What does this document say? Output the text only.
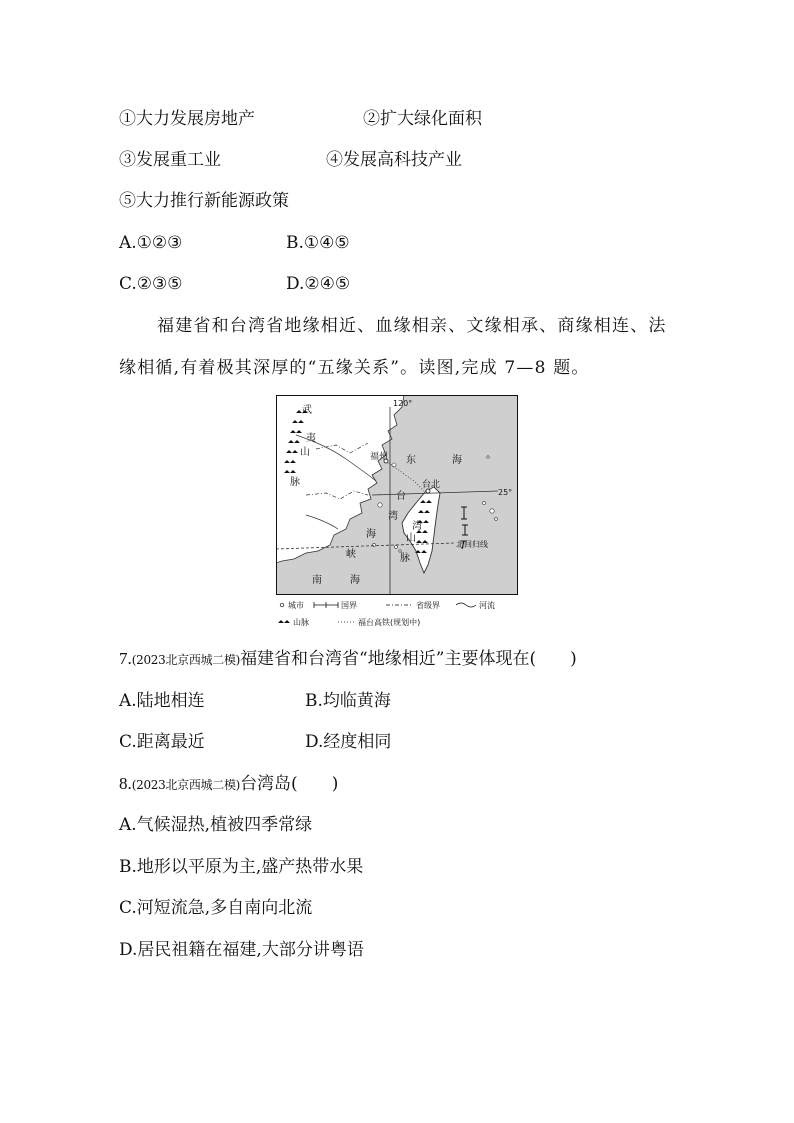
①大力发展房地产	②扩大绿化面积
③发展重工业	④发展高科技产业
⑤大力推行新能源政策
A.①②③	B.①④⑤
C.②③⑤	D.②④⑤
福建省和台湾省地缘相近、血缘相亲、文缘相承、商缘相连、法缘相循,有着极其深厚的“五缘关系”。读图,完成 7—8 题。
120°
25°
武
夷
山
脉
福州
台北
东	海
台
湾
海
峡
湾
山
脉
北回归线
南	海
城市	国界	省级界	河流
山脉	福台高铁(规划中)
7.(2023北京西城二模)福建省和台湾省“地缘相近”主要体现在(　　)
A.陆地相连	B.均临黄海
C.距离最近	D.经度相同
8.(2023北京西城二模)台湾岛(　　)
A.气候湿热,植被四季常绿
B.地形以平原为主,盛产热带水果
C.河短流急,多自南向北流
D.居民祖籍在福建,大部分讲粤语
